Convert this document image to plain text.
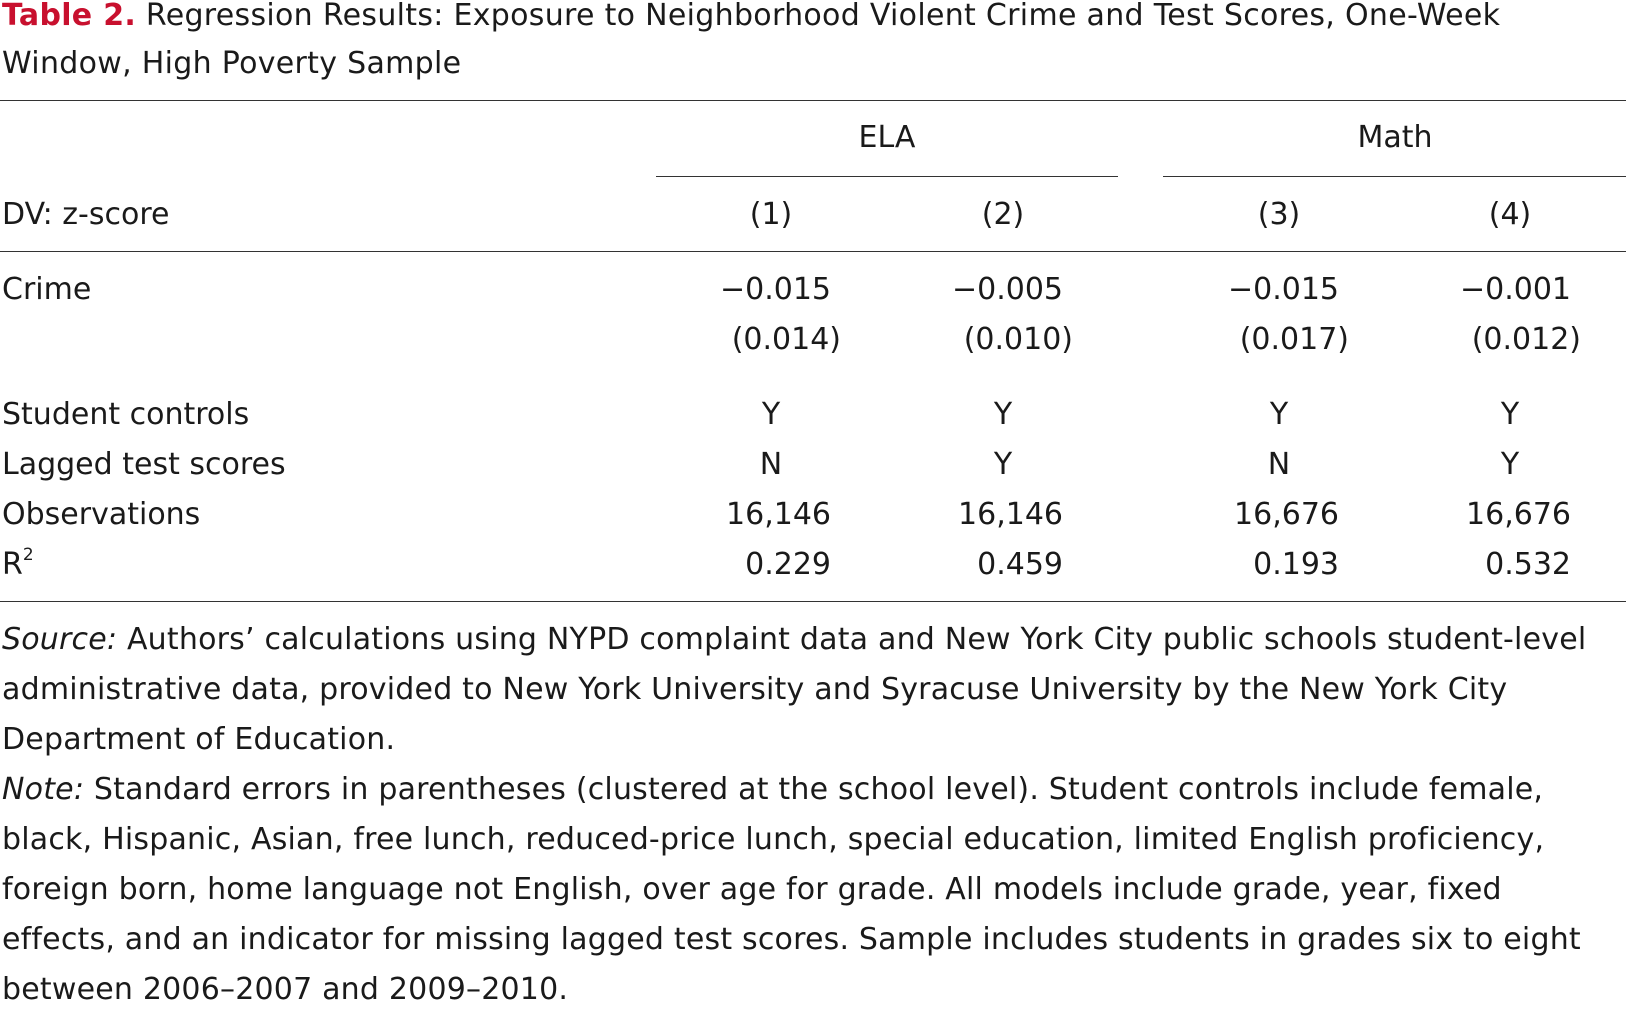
Table 2. Regression Results: Exposure to Neighborhood Violent Crime and Test Scores, One-Week Window, High Poverty Sample
ELA	Math
DV: z-score	(1)	(2)	(3)	(4)
Crime	−0.015	−0.005	−0.015	−0.001
(0.014)	(0.010)	(0.017)	(0.012)
Student controls	Y	Y	Y	Y
Lagged test scores	N	Y	N	Y
Observations	16,146	16,146	16,676	16,676
$R^2$	0.229	0.459	0.193	0.532
Source: Authors’ calculations using NYPD complaint data and New York City public schools student-level administrative data, provided to New York University and Syracuse University by the New York City Department of Education.
Note: Standard errors in parentheses (clustered at the school level). Student controls include female, black, Hispanic, Asian, free lunch, reduced-price lunch, special education, limited English proficiency, foreign born, home language not English, over age for grade. All models include grade, year, fixed effects, and an indicator for missing lagged test scores. Sample includes students in grades six to eight between 2006–2007 and 2009–2010.
